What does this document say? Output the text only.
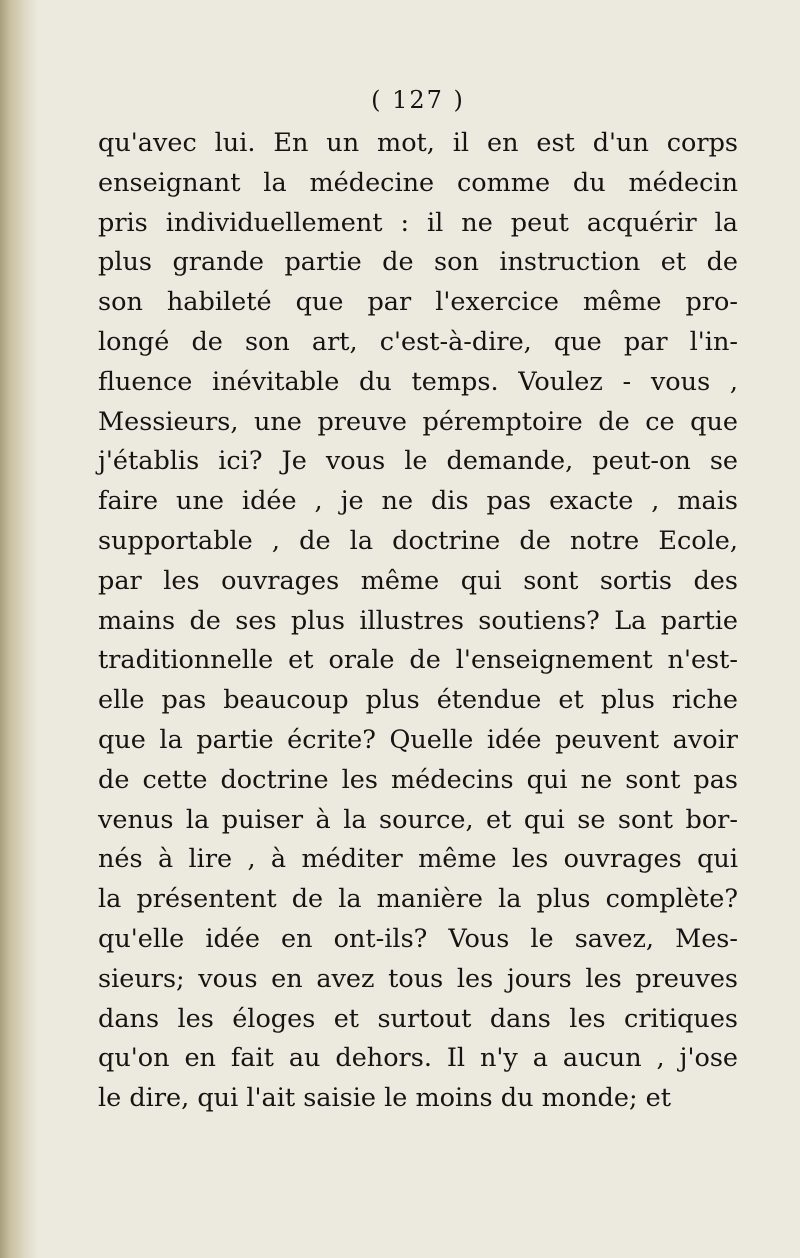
( 127 )
qu'avec lui. En un mot, il en est d'un corps
enseignant la médecine comme du médecin
pris individuellement : il ne peut acquérir la
plus grande partie de son instruction et de
son habileté que par l'exercice même pro-
longé de son art, c'est-à-dire, que par l'in-
fluence inévitable du temps. Voulez - vous ,
Messieurs, une preuve péremptoire de ce que
j'établis ici? Je vous le demande, peut-on se
faire une idée , je ne dis pas exacte , mais
supportable , de la doctrine de notre Ecole,
par les ouvrages même qui sont sortis des
mains de ses plus illustres soutiens? La partie
traditionnelle et orale de l'enseignement n'est-
elle pas beaucoup plus étendue et plus riche
que la partie écrite? Quelle idée peuvent avoir
de cette doctrine les médecins qui ne sont pas
venus la puiser à la source, et qui se sont bor-
nés à lire , à méditer même les ouvrages qui
la présentent de la manière la plus complète?
qu'elle idée en ont-ils? Vous le savez, Mes-
sieurs; vous en avez tous les jours les preuves
dans les éloges et surtout dans les critiques
qu'on en fait au dehors. Il n'y a aucun , j'ose
le dire, qui l'ait saisie le moins du monde; et
